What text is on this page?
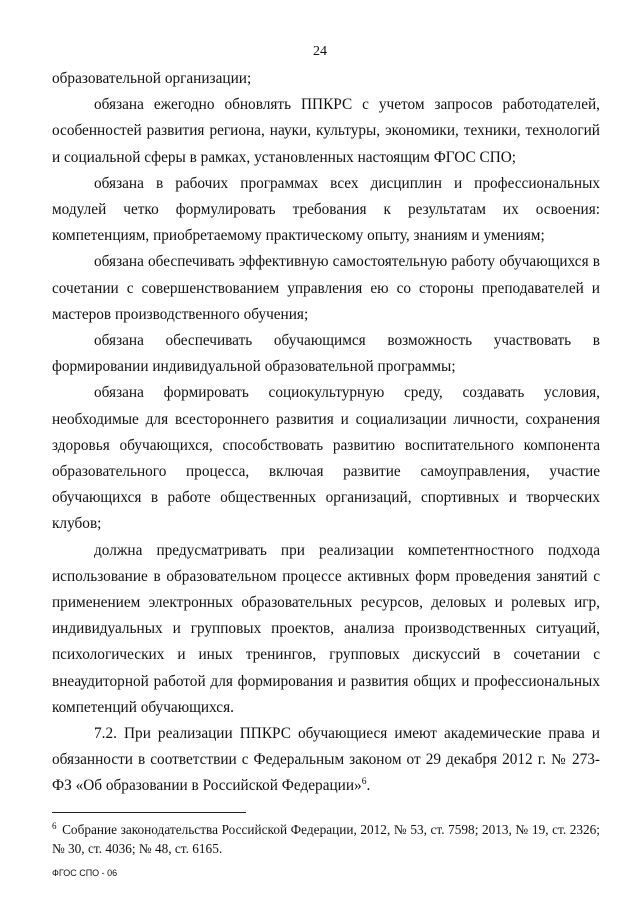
24

образовательной организации;

обязана ежегодно обновлять ППКРС с учетом запросов работодателей, особенностей развития региона, науки, культуры, экономики, техники, технологий и социальной сферы в рамках, установленных настоящим ФГОС СПО;

обязана в рабочих программах всех дисциплин и профессиональных модулей четко формулировать требования к результатам их освоения: компетенциям, приобретаемому практическому опыту, знаниям и умениям;

обязана обеспечивать эффективную самостоятельную работу обучающихся в сочетании с совершенствованием управления ею со стороны преподавателей и мастеров производственного обучения;

обязана обеспечивать обучающимся возможность участвовать в формировании индивидуальной образовательной программы;

обязана формировать социокультурную среду, создавать условия, необходимые для всестороннего развития и социализации личности, сохранения здоровья обучающихся, способствовать развитию воспитательного компонента образовательного процесса, включая развитие самоуправления, участие обучающихся в работе общественных организаций, спортивных и творческих клубов;

должна предусматривать при реализации компетентностного подхода использование в образовательном процессе активных форм проведения занятий с применением электронных образовательных ресурсов, деловых и ролевых игр, индивидуальных и групповых проектов, анализа производственных ситуаций, психологических и иных тренингов, групповых дискуссий в сочетании с внеаудиторной работой для формирования и развития общих и профессиональных компетенций обучающихся.

7.2. При реализации ППКРС обучающиеся имеют академические права и обязанности в соответствии с Федеральным законом от 29 декабря 2012 г. № 273-ФЗ «Об образовании в Российской Федерации»$^6$.

$^6$ Собрание законодательства Российской Федерации, 2012, № 53, ст. 7598; 2013, № 19, ст. 2326; № 30, ст. 4036; № 48, ст. 6165.
ФГОС СПО - 06
